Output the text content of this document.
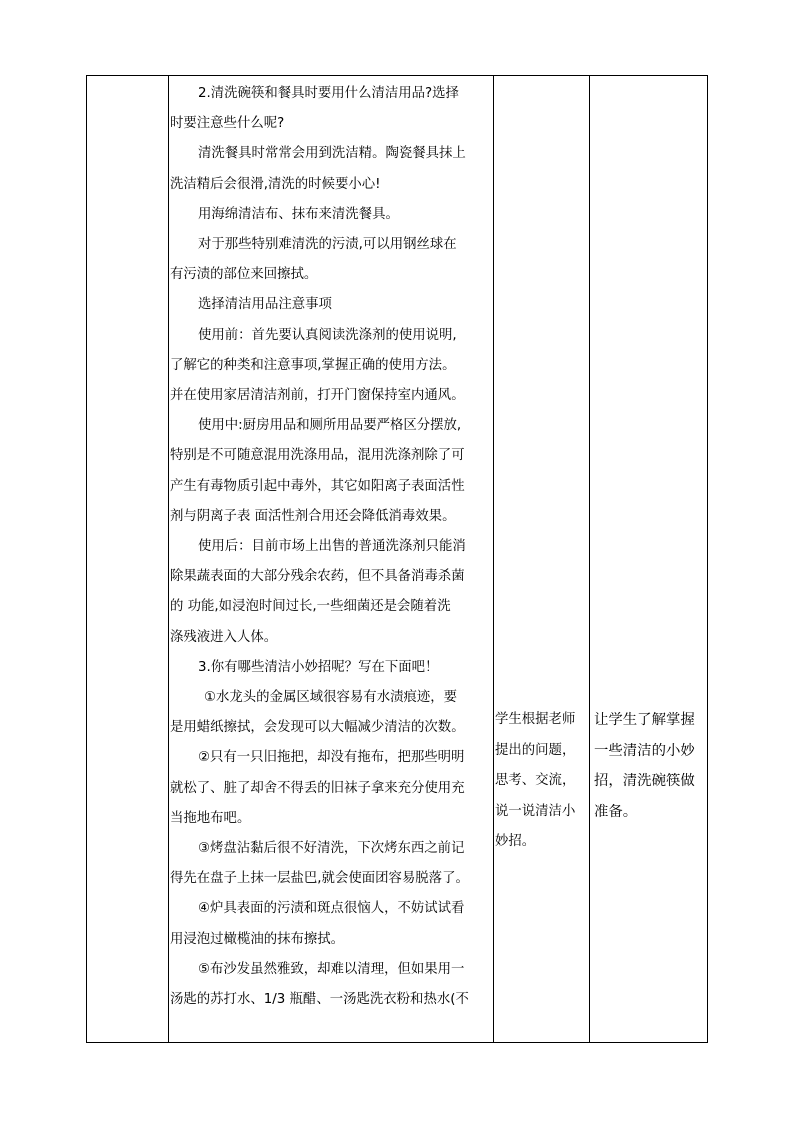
2.清洗碗筷和餐具时要用什么清洁用品?选择

时要注意些什么呢?

清洗餐具时常常会用到洗洁精。陶瓷餐具抹上

洗洁精后会很滑,清洗的时候要小心!

用海绵清洁布、抹布来清洗餐具。

对于那些特别难清洗的污渍,可以用钢丝球在

有污渍的部位来回擦拭。

选择清洁用品注意事项

使用前：首先要认真阅读洗涤剂的使用说明,

了解它的种类和注意事项,掌握正确的使用方法。

并在使用家居清洁剂前，打开门窗保持室内通风。

使用中:厨房用品和厕所用品要严格区分摆放,

特别是不可随意混用洗涤用品，混用洗涤剂除了可

产生有毒物质引起中毒外，其它如阳离子表面活性

剂与阴离子表 面活性剂合用还会降低消毒效果。

使用后：目前市场上出售的普通洗涤剂只能消

除果蔬表面的大部分残余农药，但不具备消毒杀菌

的 功能,如浸泡时间过长,一些细菌还是会随着洗

涤残液进入人体。

3.你有哪些清洁小妙招呢？写在下面吧！

①水龙头的金属区域很容易有水渍痕迹，要

是用蜡纸擦拭，会发现可以大幅减少清洁的次数。

②只有一只旧拖把，却没有拖布，把那些明明

就松了、脏了却舍不得丢的旧袜子拿来充分使用充

当拖地布吧。

③烤盘沾黏后很不好清洗，下次烤东西之前记

得先在盘子上抹一层盐巴,就会使面团容易脱落了。

④炉具表面的污渍和斑点很恼人，不妨试试看

用浸泡过橄榄油的抹布擦拭。

⑤布沙发虽然雅致，却难以清理，但如果用一

汤匙的苏打水、1/3 瓶醋、一汤匙洗衣粉和热水(不

学生根据老师
提出的问题，
思考、交流，
说一说清洁小
妙招。
让学生了解掌握
一些清洁的小妙
招，清洗碗筷做
准备。
